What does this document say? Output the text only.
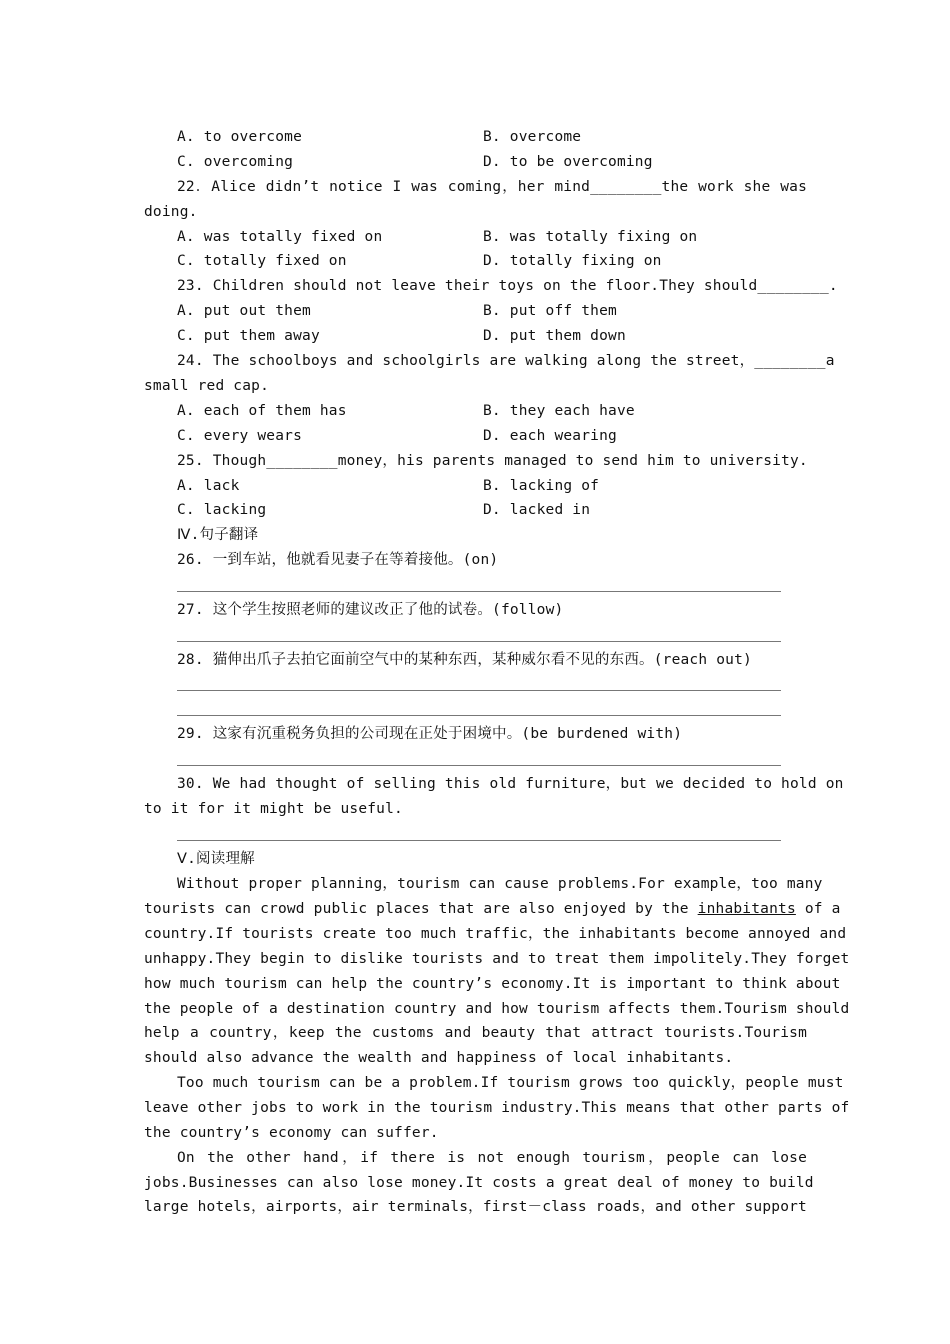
A. to overcome	B. overcome
C. overcoming	D. to be overcoming
22．Alice didn’t notice I was coming，her mind________the work she was
doing.
A. was totally fixed on	B. was totally fixing on
C. totally fixed on	D. totally fixing on
23. Children should not leave their toys on the floor.They should________.
A. put out them	B. put off them
C. put them away	D. put them down
24. The schoolboys and schoolgirls are walking along the street，________a
small red cap.
A. each of them has	B. they each have
C. every wears	D. each wearing
25. Though________money，his parents managed to send him to university.
A. lack	B. lacking of
C. lacking	D. lacked in
Ⅳ.句子翻译
26. 一到车站，他就看见妻子在等着接他。(on)
27. 这个学生按照老师的建议改正了他的试卷。(follow)
28. 猫伸出爪子去拍它面前空气中的某种东西，某种威尔看不见的东西。(reach out)
29. 这家有沉重税务负担的公司现在正处于困境中。(be burdened with)
30. We had thought of selling this old furniture，but we decided to hold on
to it for it might be useful.
Ⅴ.阅读理解
Without proper planning，tourism can cause problems.For example，too many
tourists can crowd public places that are also enjoyed by the inhabitants of a
country.If tourists create too much traffic，the inhabitants become annoyed and
unhappy.They begin to dislike tourists and to treat them impolitely.They forget
how much tourism can help the country’s economy.It is important to think about
the people of a destination country and how tourism affects them.Tourism should
help a country，keep the customs and beauty that attract tourists.Tourism
should also advance the wealth and happiness of local inhabitants.
Too much tourism can be a problem.If tourism grows too quickly，people must
leave other jobs to work in the tourism industry.This means that other parts of
the country’s economy can suffer.
On the other hand，if there is not enough tourism，people can lose
jobs.Businesses can also lose money.It costs a great deal of money to build
large hotels，airports，air terminals，first－class roads，and other support
